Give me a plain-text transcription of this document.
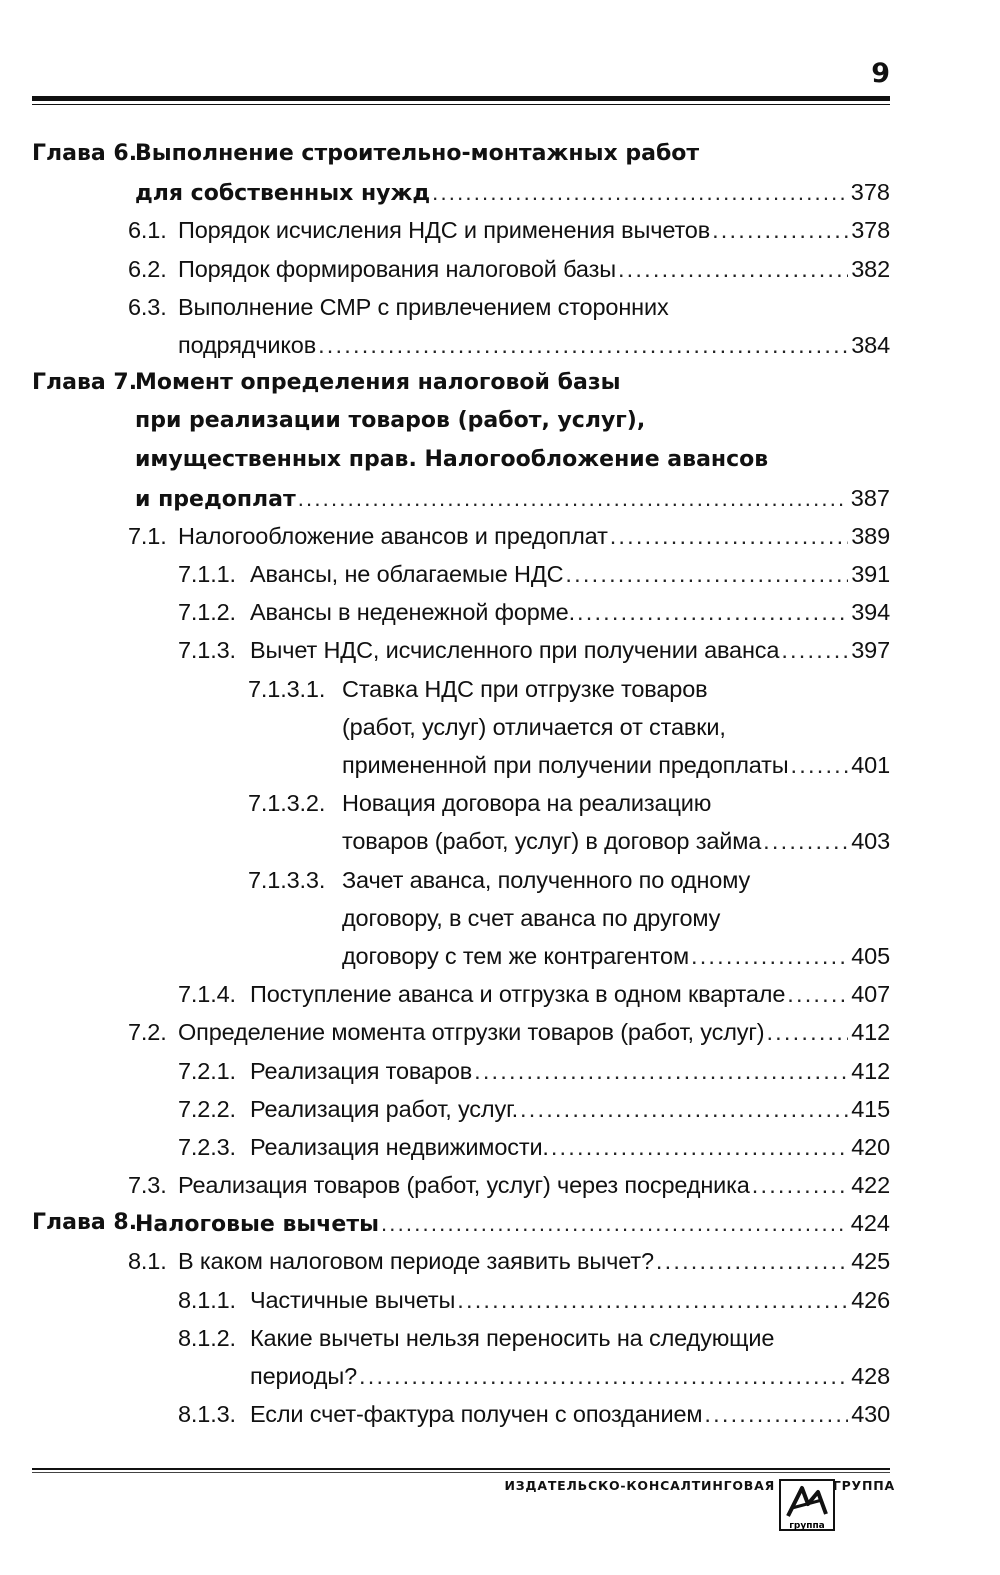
9
Глава 6.
Выполнение строительно-монтажных работ
для собственных нужд .....	378
6.1. Порядок исчисления НДС и применения вычетов .....	378
6.2. Порядок формирования налоговой базы .....	382
6.3. Выполнение СМР с привлечением сторонних
подрядчиков .....	384
Глава 7.
Момент определения налоговой базы
при реализации товаров (работ, услуг),
имущественных прав. Налогообложение авансов
и предоплат .....	387
7.1. Налогообложение авансов и предоплат .....	389
7.1.1. Авансы, не облагаемые НДС .....	391
7.1.2. Авансы в неденежной форме. .....	394
7.1.3. Вычет НДС, исчисленного при получении аванса .....	397
7.1.3.1. Ставка НДС при отгрузке товаров
(работ, услуг) отличается от ставки,
примененной при получении предоплаты .....	401
7.1.3.2. Новация договора на реализацию
товаров (работ, услуг) в договор займа .....	403
7.1.3.3. Зачет аванса, полученного по одному
договору, в счет аванса по другому
договору с тем же контрагентом .....	405
7.1.4. Поступление аванса и отгрузка в одном квартале .....	407
7.2. Определение момента отгрузки товаров (работ, услуг) .....	412
7.2.1. Реализация товаров .....	412
7.2.2. Реализация работ, услуг. .....	415
7.2.3. Реализация недвижимости. .....	420
7.3. Реализация товаров (работ, услуг) через посредника .....	422
Глава 8.
Налоговые вычеты .....	424
8.1. В каком налоговом периоде заявить вычет? .....	425
8.1.1. Частичные вычеты .....	426
8.1.2. Какие вычеты нельзя переносить на следующие
периоды? .....	428
8.1.3. Если счет-фактура получен с опозданием .....	430
ИЗДАТЕЛЬСКО-КОНСАЛТИНГОВАЯ
группа
ГРУППА
